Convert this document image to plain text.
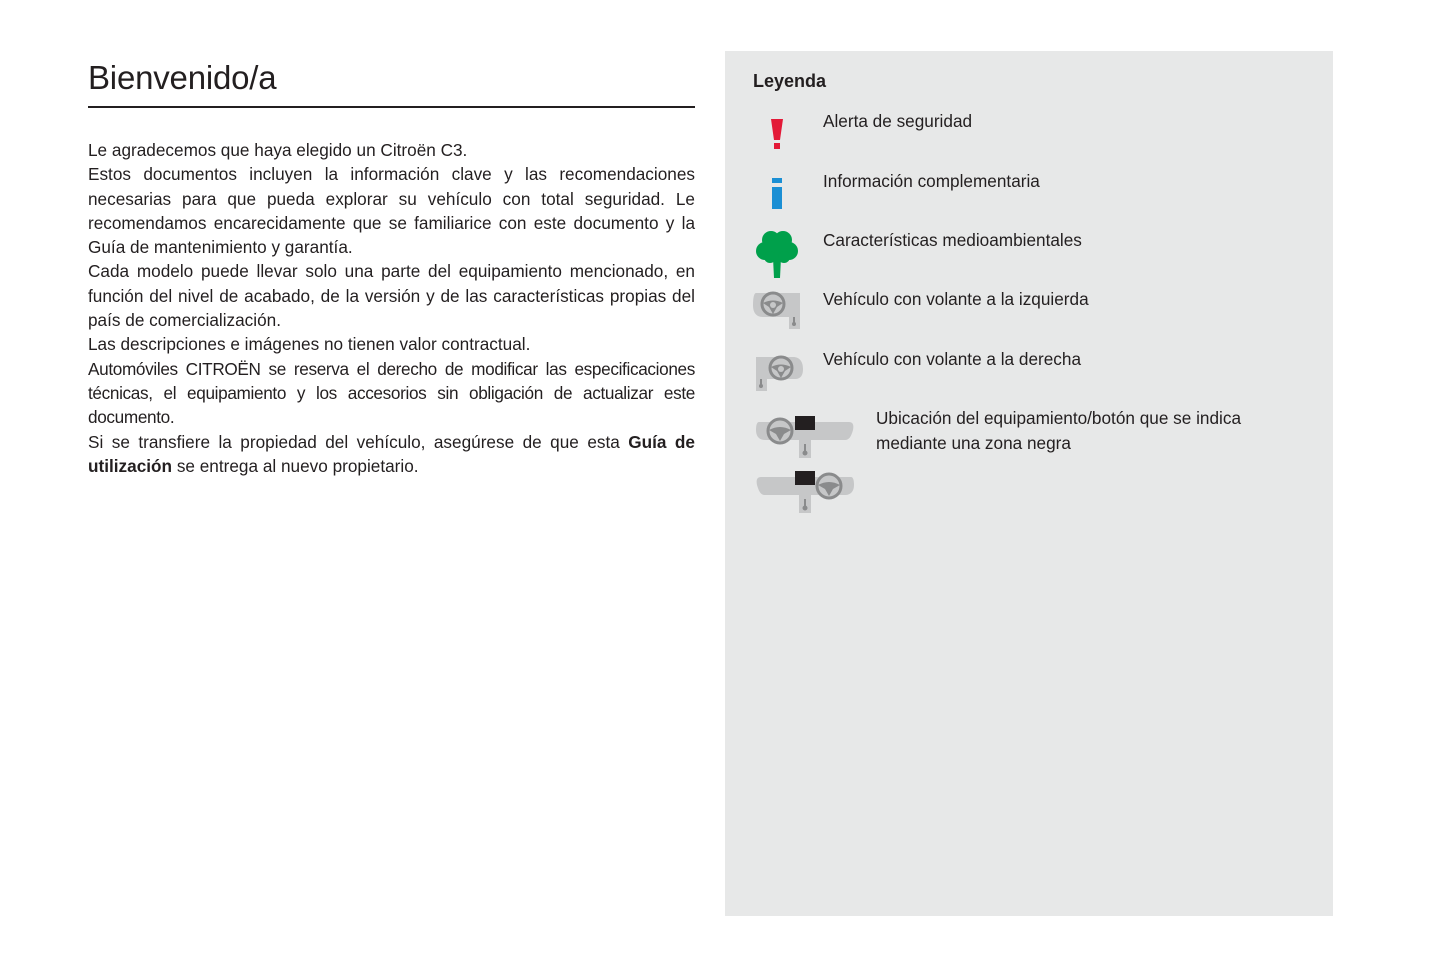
Bienvenido/a

Le agradecemos que haya elegido un Citroën C3.

Estos documentos incluyen la información clave y las recomendaciones necesarias para que pueda explorar su vehículo con total seguridad. Le recomendamos encarecidamente que se familiarice con este documento y la Guía de mantenimiento y garantía.

Cada modelo puede llevar solo una parte del equipamiento mencionado, en función del nivel de acabado, de la versión y de las características propias del país de comercialización.

Las descripciones e imágenes no tienen valor contractual.

Automóviles CITROËN se reserva el derecho de modificar las especificaciones técnicas, el equipamiento y los accesorios sin obligación de actualizar este documento.

Si se transfiere la propiedad del vehículo, asegúrese de que esta Guía de utilización se entrega al nuevo propietario.

Leyenda
Alerta de seguridad
Información complementaria
Características medioambientales
Vehículo con volante a la izquierda
Vehículo con volante a la derecha
Ubicación del equipamiento/botón que se indica mediante una zona negra
